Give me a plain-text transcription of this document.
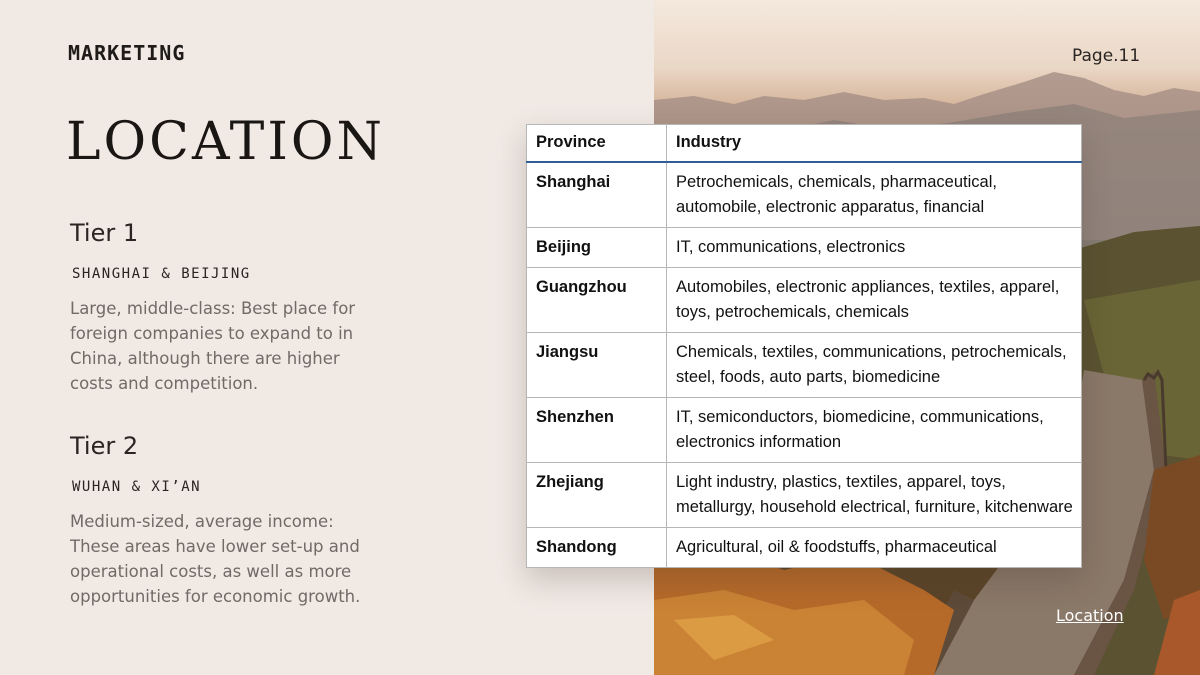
MARKETING	Page.11
LOCATION
Tier 1
SHANGHAI & BEIJING
Large, middle-class: Best place for foreign companies to expand to in China, although there are higher costs and competition.
Tier 2
WUHAN & XI’AN
Medium-sized, average income: These areas have lower set-up and operational costs, as well as more opportunities for economic growth.
Province	Industry
Shanghai	Petrochemicals, chemicals, pharmaceutical, automobile, electronic apparatus, financial
Beijing	IT, communications, electronics
Guangzhou	Automobiles, electronic appliances, textiles, apparel, toys, petrochemicals, chemicals
Jiangsu	Chemicals, textiles, communications, petrochemicals, steel, foods, auto parts, biomedicine
Shenzhen	IT, semiconductors, biomedicine, communications, electronics information
Zhejiang	Light industry, plastics, textiles, apparel, toys, metallurgy, household electrical, furniture, kitchenware
Shandong	Agricultural, oil & foodstuffs, pharmaceutical
Location
